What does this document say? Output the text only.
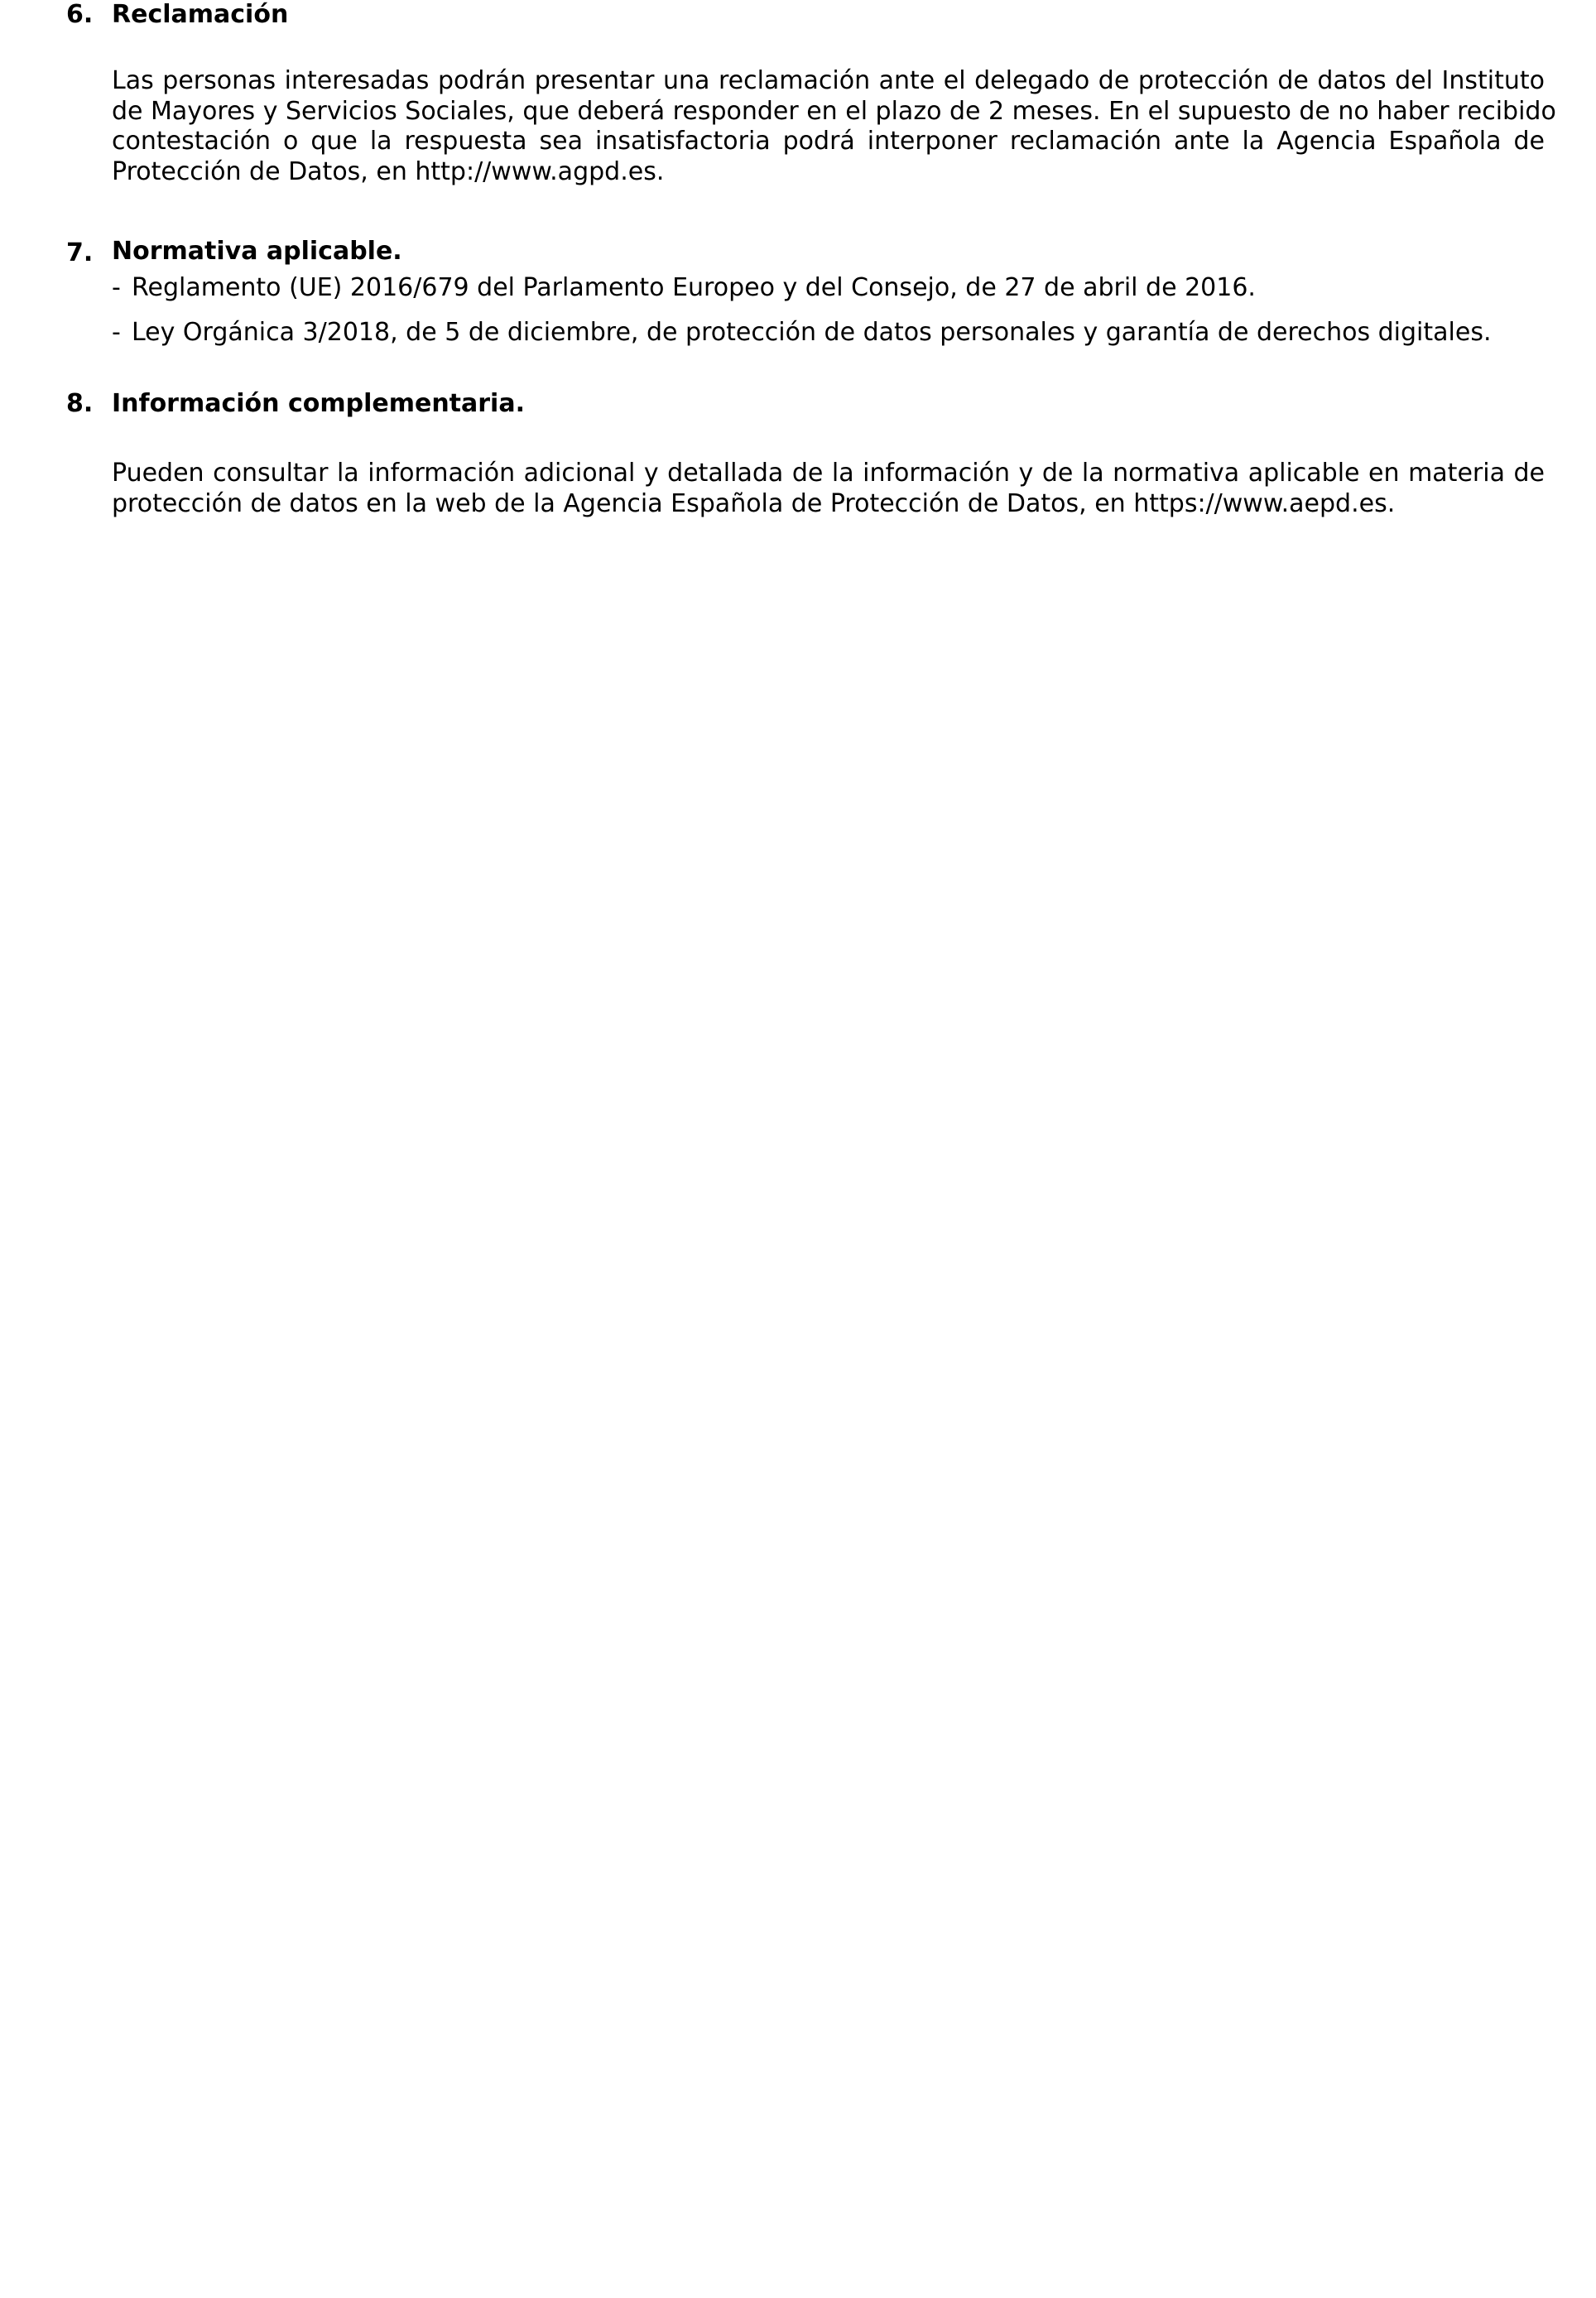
6. Reclamación
Las personas interesadas podrán presentar una reclamación ante el delegado de protección de datos del Instituto
de Mayores y Servicios Sociales, que deberá responder en el plazo de 2 meses. En el supuesto de no haber recibido
contestación o que la respuesta sea insatisfactoria podrá interponer reclamación ante la Agencia Española de
Protección de Datos, en http://www.agpd.es.
7. Normativa aplicable.
- Reglamento (UE) 2016/679 del Parlamento Europeo y del Consejo, de 27 de abril de 2016.
- Ley Orgánica 3/2018, de 5 de diciembre, de protección de datos personales y garantía de derechos digitales.
8. Información complementaria.
Pueden consultar la información adicional y detallada de la información y de la normativa aplicable en materia de
protección de datos en la web de la Agencia Española de Protección de Datos, en https://www.aepd.es.
